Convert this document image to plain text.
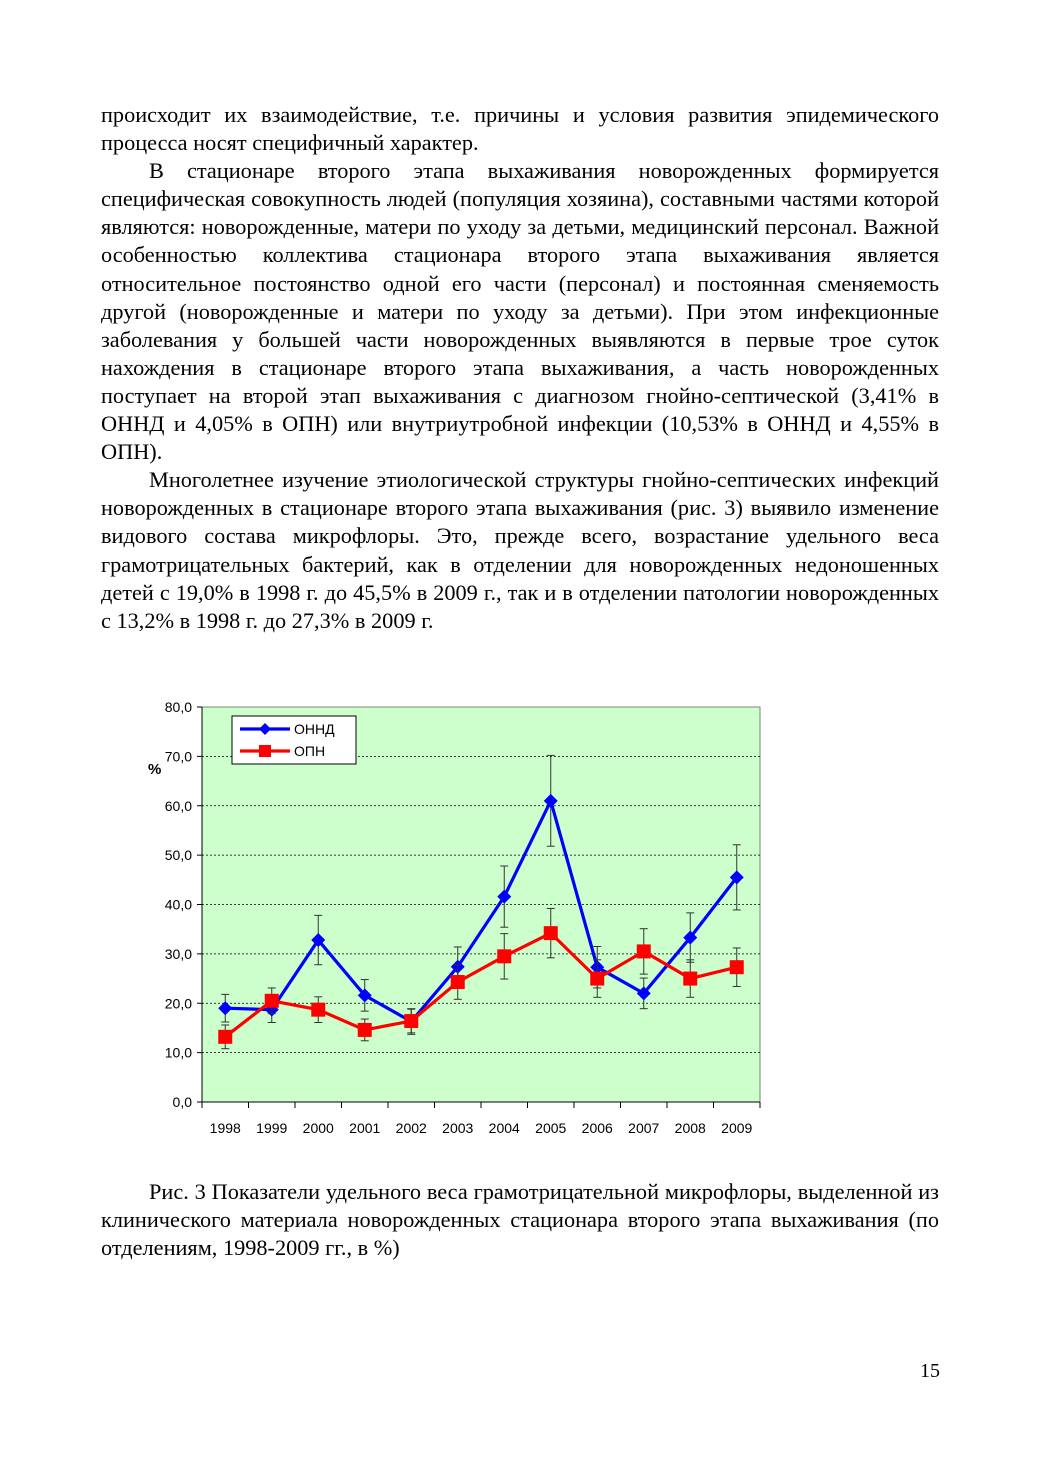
происходит их взаимодействие, т.е. причины и условия развития эпидемического процесса носят специфичный характер.

В стационаре второго этапа выхаживания новорожденных формируется специфическая совокупность людей (популяция хозяина), составными частями которой являются: новорожденные, матери по уходу за детьми, медицинский персонал. Важной особенностью коллектива стационара второго этапа выхаживания является относительное постоянство одной его части (персонал) и постоянная сменяемость другой (новорожденные и матери по уходу за детьми). При этом инфекционные заболевания у большей части новорожденных выявляются в первые трое суток нахождения в стационаре второго этапа выхаживания, а часть новорожденных поступает на второй этап выхаживания с диагнозом гнойно-септической (3,41% в ОННД и 4,05% в ОПН) или внутриутробной инфекции (10,53% в ОННД и 4,55% в ОПН).

Многолетнее изучение этиологической структуры гнойно-септических инфекций новорожденных в стационаре второго этапа выхаживания (рис. 3) выявило изменение видового состава микрофлоры. Это, прежде всего, возрастание удельного веса грамотрицательных бактерий, как в отделении для новорожденных недоношенных детей с 19,0% в 1998 г. до 45,5% в 2009 г., так и в отделении патологии новорожденных с 13,2% в 1998 г. до 27,3% в 2009 г.

0,0
10,0
20,0
30,0
40,0
50,0
60,0
70,0
80,0
1998 1999 2000 2001 2002 2003 2004 2005 2006 2007 2008 2009
%
ОННД
ОПН

Рис. 3 Показатели удельного веса грамотрицательной микрофлоры, выделенной из клинического материала новорожденных стационара второго этапа выхаживания (по отделениям, 1998-2009 гг., в %)

15
